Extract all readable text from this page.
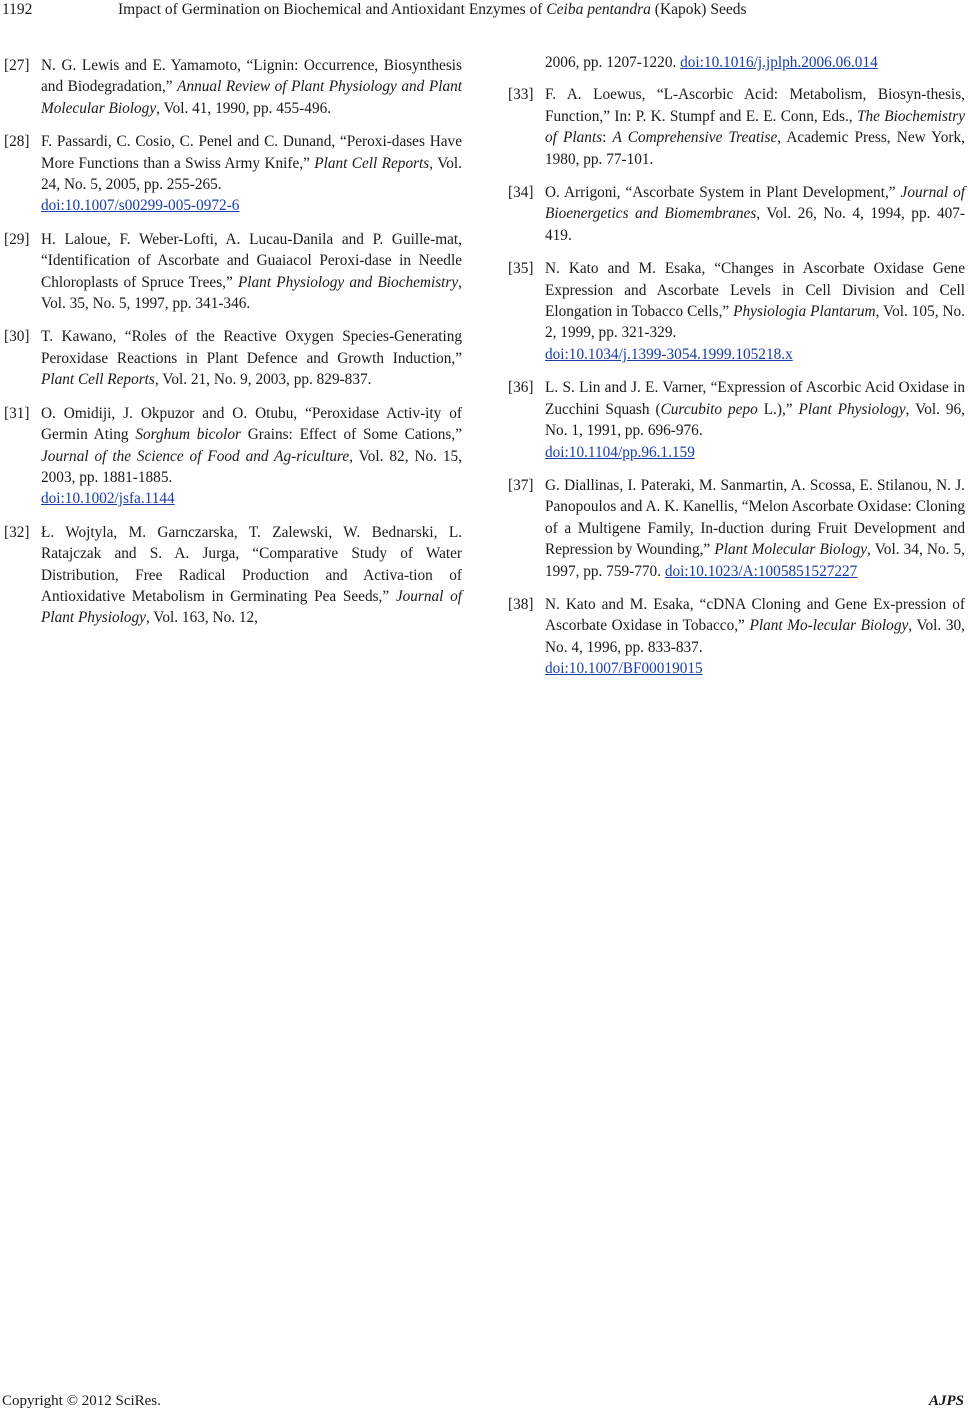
1192	Impact of Germination on Biochemical and Antioxidant Enzymes of Ceiba pentandra (Kapok) Seeds
[27] N. G. Lewis and E. Yamamoto, “Lignin: Occurrence, Biosynthesis and Biodegradation,” Annual Review of Plant Physiology and Plant Molecular Biology, Vol. 41, 1990, pp. 455-496.
[28] F. Passardi, C. Cosio, C. Penel and C. Dunand, “Peroxi-dases Have More Functions than a Swiss Army Knife,” Plant Cell Reports, Vol. 24, No. 5, 2005, pp. 255-265.
doi:10.1007/s00299-005-0972-6
[29] H. Laloue, F. Weber-Lofti, A. Lucau-Danila and P. Guille-mat, “Identification of Ascorbate and Guaiacol Peroxi-dase in Needle Chloroplasts of Spruce Trees,” Plant Physiology and Biochemistry, Vol. 35, No. 5, 1997, pp. 341-346.
[30] T. Kawano, “Roles of the Reactive Oxygen Species-Generating Peroxidase Reactions in Plant Defence and Growth Induction,” Plant Cell Reports, Vol. 21, No. 9, 2003, pp. 829-837.
[31] O. Omidiji, J. Okpuzor and O. Otubu, “Peroxidase Activ-ity of Germin Ating Sorghum bicolor Grains: Effect of Some Cations,” Journal of the Science of Food and Ag-riculture, Vol. 82, No. 15, 2003, pp. 1881-1885.
doi:10.1002/jsfa.1144
[32] Ł. Wojtyla, M. Garnczarska, T. Zalewski, W. Bednarski, L. Ratajczak and S. A. Jurga, “Comparative Study of Water Distribution, Free Radical Production and Activa-tion of Antioxidative Metabolism in Germinating Pea Seeds,” Journal of Plant Physiology, Vol. 163, No. 12,
2006, pp. 1207-1220. doi:10.1016/j.jplph.2006.06.014
[33] F. A. Loewus, “L-Ascorbic Acid: Metabolism, Biosyn-thesis, Function,” In: P. K. Stumpf and E. E. Conn, Eds., The Biochemistry of Plants: A Comprehensive Treatise, Academic Press, New York, 1980, pp. 77-101.
[34] O. Arrigoni, “Ascorbate System in Plant Development,” Journal of Bioenergetics and Biomembranes, Vol. 26, No. 4, 1994, pp. 407-419.
[35] N. Kato and M. Esaka, “Changes in Ascorbate Oxidase Gene Expression and Ascorbate Levels in Cell Division and Cell Elongation in Tobacco Cells,” Physiologia Plantarum, Vol. 105, No. 2, 1999, pp. 321-329.
doi:10.1034/j.1399-3054.1999.105218.x
[36] L. S. Lin and J. E. Varner, “Expression of Ascorbic Acid Oxidase in Zucchini Squash (Curcubito pepo L.),” Plant Physiology, Vol. 96, No. 1, 1991, pp. 696-976.
doi:10.1104/pp.96.1.159
[37] G. Diallinas, I. Pateraki, M. Sanmartin, A. Scossa, E. Stilanou, N. J. Panopoulos and A. K. Kanellis, “Melon Ascorbate Oxidase: Cloning of a Multigene Family, In-duction during Fruit Development and Repression by Wounding,” Plant Molecular Biology, Vol. 34, No. 5, 1997, pp. 759-770. doi:10.1023/A:1005851527227
[38] N. Kato and M. Esaka, “cDNA Cloning and Gene Ex-pression of Ascorbate Oxidase in Tobacco,” Plant Mo-lecular Biology, Vol. 30, No. 4, 1996, pp. 833-837.
doi:10.1007/BF00019015
Copyright © 2012 SciRes.	AJPS
